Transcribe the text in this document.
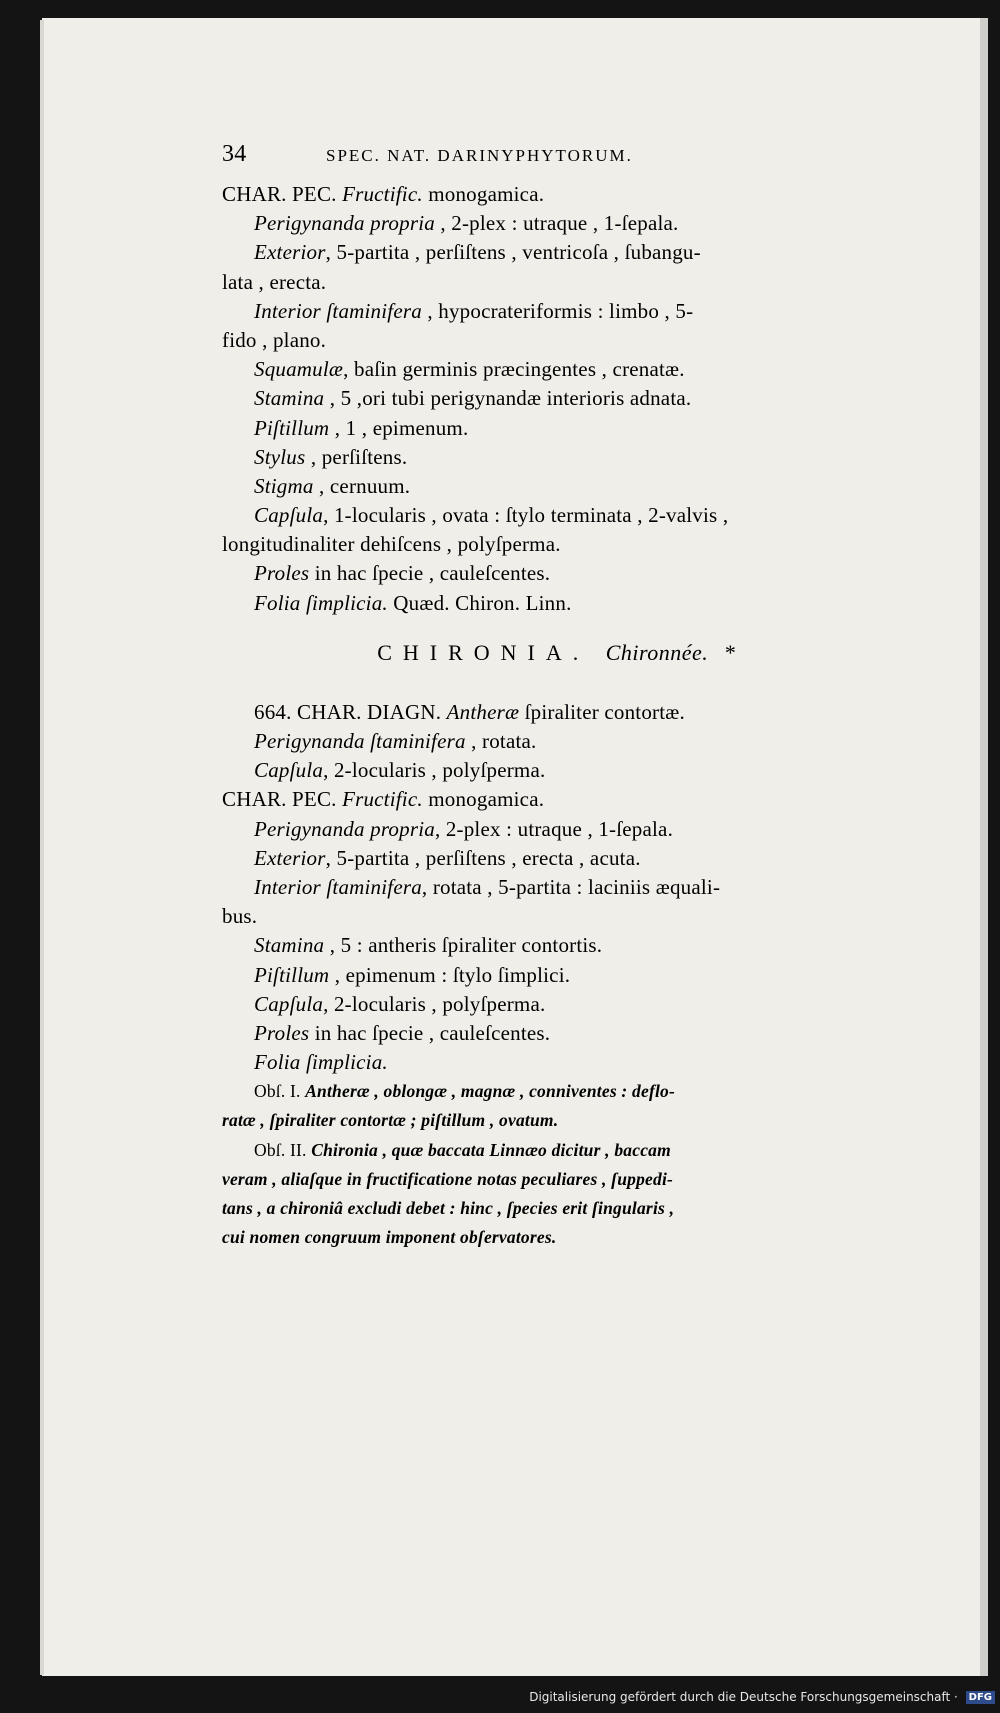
34	SPEC. NAT. DARINYPHYTORUM.
CHAR. PEC. Fructific. monogamica.
Perigynanda propria , 2-plex : utraque , 1-ſepala.
Exterior, 5-partita , perſiſtens , ventricoſa , ſubangu-
lata , erecta.
Interior ſtaminifera , hypocrateriformis : limbo , 5-
fido , plano.
Squamulæ, baſin germinis præcingentes , crenatæ.
Stamina , 5 ,ori tubi perigynandæ interioris adnata.
Piſtillum , 1 , epimenum.
Stylus , perſiſtens.
Stigma , cernuum.
Capſula, 1-locularis , ovata : ſtylo terminata , 2-valvis ,
longitudinaliter dehiſcens , polyſperma.
Proles in hac ſpecie , cauleſcentes.
Folia ſimplicia. Quæd. Chiron. Linn.
CHIRONIA. Chironnée. *
664. CHAR. DIAGN. Antheræ ſpiraliter contortæ.
Perigynanda ſtaminifera , rotata.
Capſula, 2-locularis , polyſperma.
CHAR. PEC. Fructific. monogamica.
Perigynanda propria, 2-plex : utraque , 1-ſepala.
Exterior, 5-partita , perſiſtens , erecta , acuta.
Interior ſtaminifera, rotata , 5-partita : laciniis æquali-
bus.
Stamina , 5 : antheris ſpiraliter contortis.
Piſtillum , epimenum : ſtylo ſimplici.
Capſula, 2-locularis , polyſperma.
Proles in hac ſpecie , cauleſcentes.
Folia ſimplicia.
Obſ. I. Antheræ , oblongæ , magnæ , conniventes : deflo-
ratæ , ſpiraliter contortæ ; piſtillum , ovatum.
Obſ. II. Chironia , quæ baccata Linnæo dicitur , baccam
veram , aliaſque in fructificatione notas peculiares , ſuppedi-
tans , a chironiâ excludi debet : hinc , ſpecies erit ſingularis ,
cui nomen congruum imponent obſervatores.
Digitalisierung gefördert durch die Deutsche Forschungsgemeinschaft · DFG
